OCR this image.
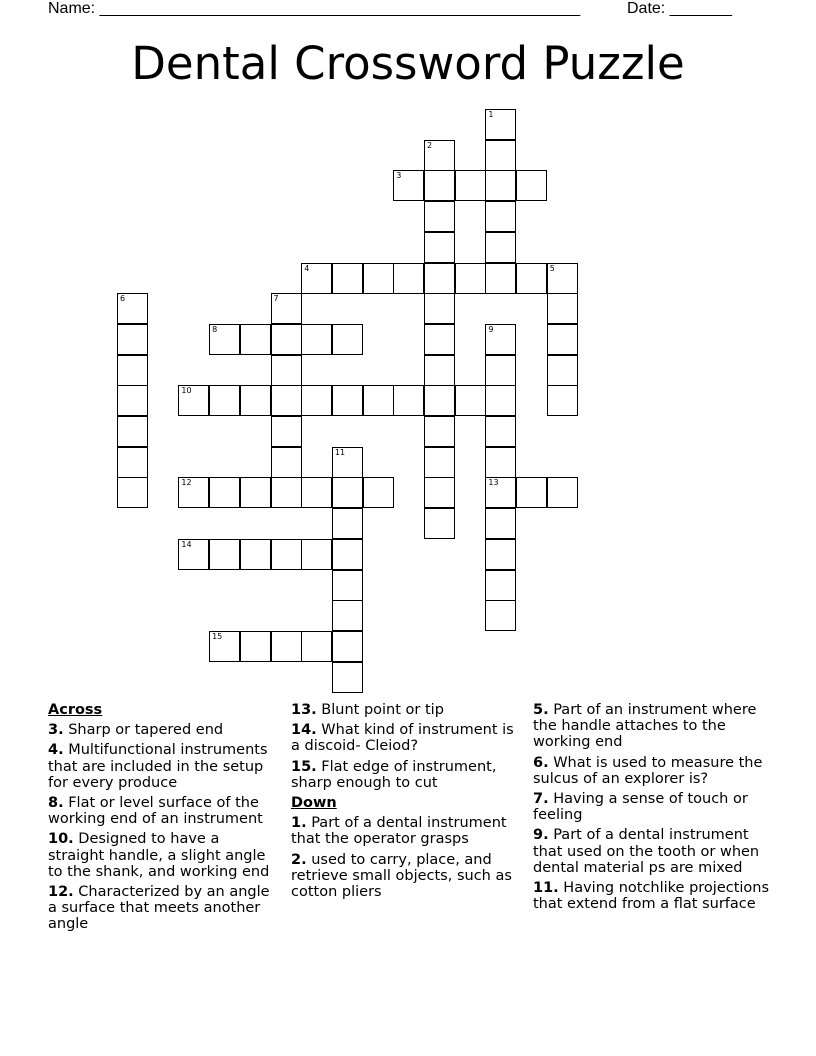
Name: ______________________________________________________	Date: _______
Dental Crossword Puzzle
1
2
3
4	5
6	7
8	9
13
10
11
12
14
15

Across

3. Sharp or tapered end

4. Multifunctional instruments that are included in the setup for every produce

8. Flat or level surface of the working end of an instrument

10. Designed to have a straight handle, a slight angle to the shank, and working end

12. Characterized by an angle a surface that meets another angle

13. Blunt point or tip

14. What kind of instrument is a discoid- Cleiod?

15. Flat edge of instrument, sharp enough to cut

Down

1. Part of a dental instrument that the operator grasps

2. used to carry, place, and retrieve small objects, such as cotton pliers

5. Part of an instrument where the handle attaches to the working end

6. What is used to measure the sulcus of an explorer is?

7. Having a sense of touch or feeling

9. Part of a dental instrument that used on the tooth or when dental material ps are mixed

11. Having notchlike projections that extend from a flat surface
